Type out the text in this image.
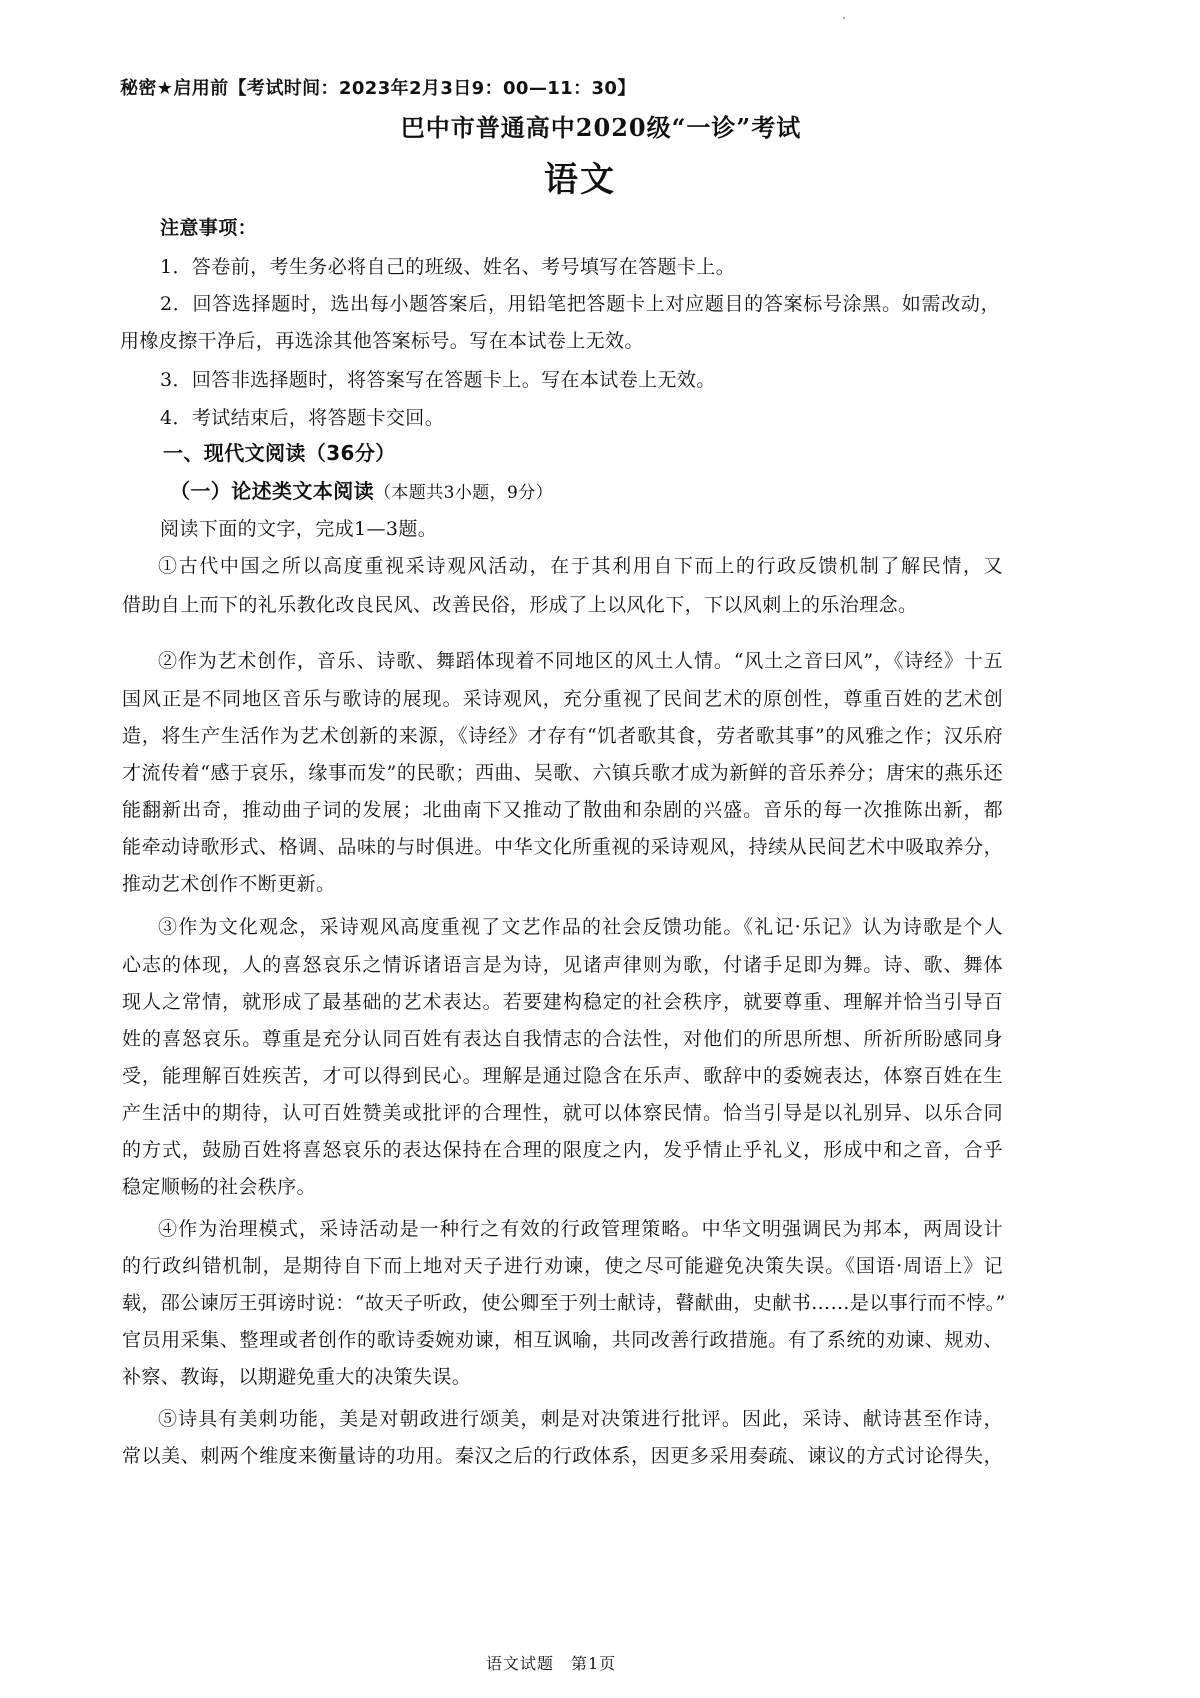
秘密★启用前【考试时间：2023年2月3日9：00—11：30】

巴中市普通高中2020级“一诊”考试

语文

注意事项：

1．答卷前，考生务必将自己的班级、姓名、考号填写在答题卡上。

2．回答选择题时，选出每小题答案后，用铅笔把答题卡上对应题目的答案标号涂黑。如需改动，

用橡皮擦干净后，再选涂其他答案标号。写在本试卷上无效。

3．回答非选择题时，将答案写在答题卡上。写在本试卷上无效。

4．考试结束后，将答题卡交回。

一、现代文阅读（36分）

（一）论述类文本阅读（本题共3小题，9分）

阅读下面的文字，完成1—3题。

①古代中国之所以高度重视采诗观风活动，在于其利用自下而上的行政反馈机制了解民情，又

借助自上而下的礼乐教化改良民风、改善民俗，形成了上以风化下，下以风刺上的乐治理念。

②作为艺术创作，音乐、诗歌、舞蹈体现着不同地区的风土人情。“风土之音曰风”，《诗经》十五

国风正是不同地区音乐与歌诗的展现。采诗观风，充分重视了民间艺术的原创性，尊重百姓的艺术创

造，将生产生活作为艺术创新的来源，《诗经》才存有“饥者歌其食，劳者歌其事”的风雅之作；汉乐府

才流传着“感于哀乐，缘事而发”的民歌；西曲、吴歌、六镇兵歌才成为新鲜的音乐养分；唐宋的燕乐还

能翻新出奇，推动曲子词的发展；北曲南下又推动了散曲和杂剧的兴盛。音乐的每一次推陈出新，都

能牵动诗歌形式、格调、品味的与时俱进。中华文化所重视的采诗观风，持续从民间艺术中吸取养分，

推动艺术创作不断更新。

③作为文化观念，采诗观风高度重视了文艺作品的社会反馈功能。《礼记·乐记》认为诗歌是个人

心志的体现，人的喜怒哀乐之情诉诸语言是为诗，见诸声律则为歌，付诸手足即为舞。诗、歌、舞体

现人之常情，就形成了最基础的艺术表达。若要建构稳定的社会秩序，就要尊重、理解并恰当引导百

姓的喜怒哀乐。尊重是充分认同百姓有表达自我情志的合法性，对他们的所思所想、所祈所盼感同身

受，能理解百姓疾苦，才可以得到民心。理解是通过隐含在乐声、歌辞中的委婉表达，体察百姓在生

产生活中的期待，认可百姓赞美或批评的合理性，就可以体察民情。恰当引导是以礼别异、以乐合同

的方式，鼓励百姓将喜怒哀乐的表达保持在合理的限度之内，发乎情止乎礼义，形成中和之音，合乎

稳定顺畅的社会秩序。

④作为治理模式，采诗活动是一种行之有效的行政管理策略。中华文明强调民为邦本，两周设计

的行政纠错机制，是期待自下而上地对天子进行劝谏，使之尽可能避免决策失误。《国语·周语上》记

载，邵公谏厉王弭谤时说：“故天子听政，使公卿至于列士献诗，瞽献曲，史献书……是以事行而不悖。”

官员用采集、整理或者创作的歌诗委婉劝谏，相互讽喻，共同改善行政措施。有了系统的劝谏、规劝、

补察、教诲，以期避免重大的决策失误。

⑤诗具有美刺功能，美是对朝政进行颂美，刺是对决策进行批评。因此，采诗、献诗甚至作诗，

常以美、刺两个维度来衡量诗的功用。秦汉之后的行政体系，因更多采用奏疏、谏议的方式讨论得失，

语文试题　第1页
